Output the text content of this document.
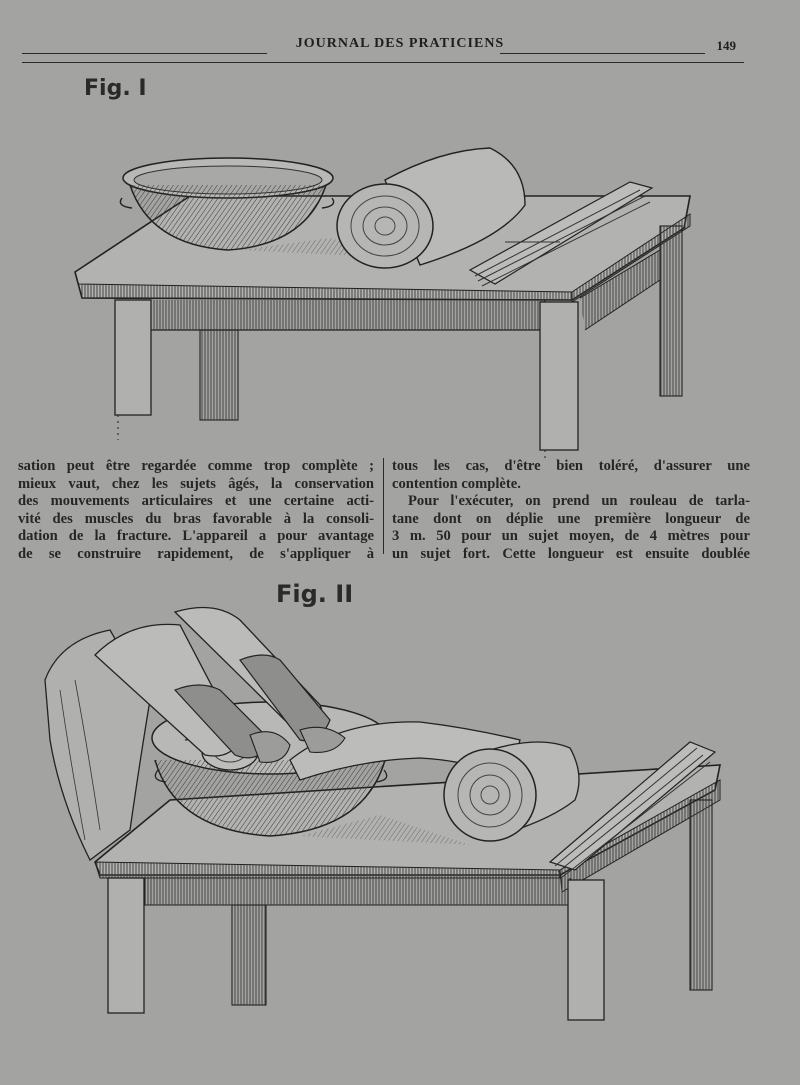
JOURNAL DES PRATICIENS	149
Fig. I
sation peut être regardée comme trop complète ;
mieux vaut, chez les sujets âgés, la conservation
des mouvements articulaires et une certaine acti-
vité des muscles du bras favorable à la consoli-
dation de la fracture. L'appareil a pour avantage
de se construire rapidement, de s'appliquer à
tous les cas, d'être bien toléré, d'assurer une
contention complète.
Pour l'exécuter, on prend un rouleau de tarla-
tane dont on déplie une première longueur de
3 m. 50 pour un sujet moyen, de 4 mètres pour
un sujet fort. Cette longueur est ensuite doublée
Fig. II
